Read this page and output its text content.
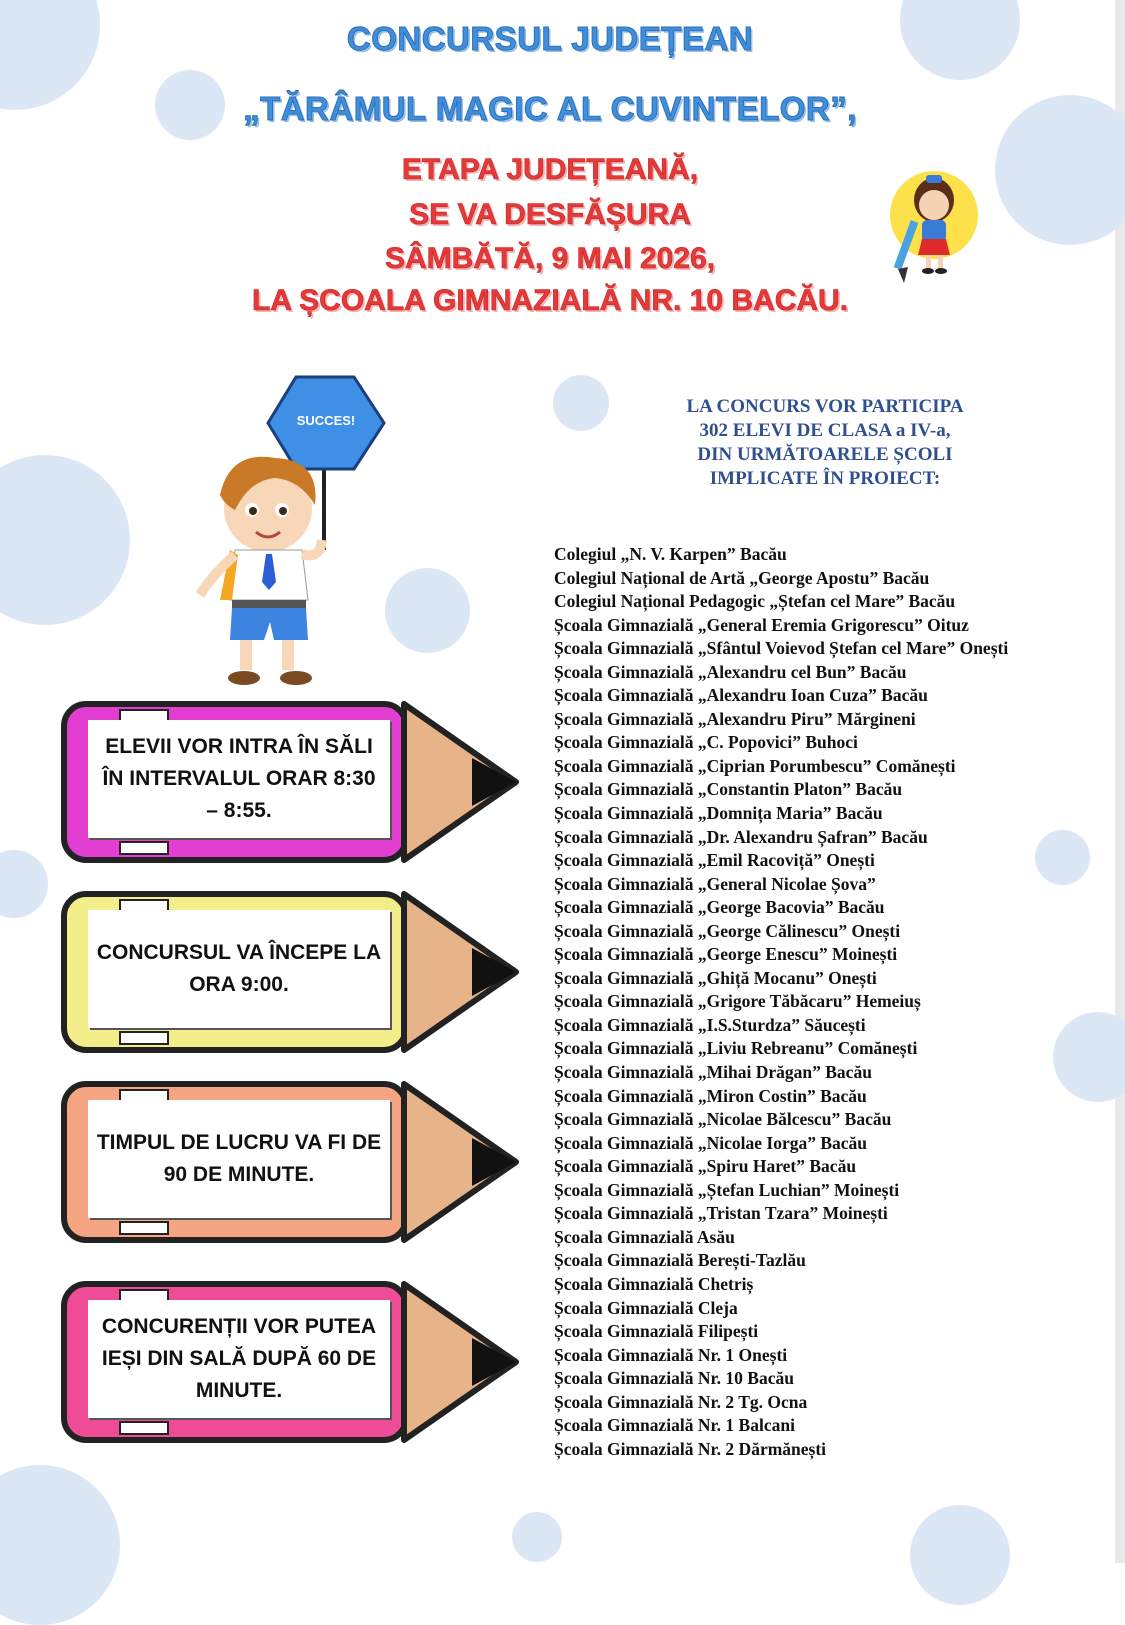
CONCURSUL JUDEȚEAN
„TĂRÂMUL MAGIC AL CUVINTELOR”,
ETAPA JUDEȚEANĂ,
SE VA DESFĂȘURA
SÂMBĂTĂ, 9 MAI 2026,
LA ȘCOALA GIMNAZIALĂ NR. 10 BACĂU.
SUCCES!
ELEVII VOR INTRA ÎN SĂLI ÎN INTERVALUL ORAR 8:30 – 8:55.
CONCURSUL VA ÎNCEPE LA ORA 9:00.
TIMPUL DE LUCRU VA FI DE 90 DE MINUTE.
CONCURENȚII VOR PUTEA IEȘI DIN SALĂ DUPĂ 60 DE MINUTE.
LA CONCURS VOR PARTICIPA
302 ELEVI DE CLASA a IV-a,
DIN URMĂTOARELE ȘCOLI
IMPLICATE ÎN PROIECT:
Colegiul „N. V. Karpen” Bacău
Colegiul Național de Artă „George Apostu” Bacău
Colegiul Național Pedagogic „Ștefan cel Mare” Bacău
Școala Gimnazială „General Eremia Grigorescu” Oituz
Școala Gimnazială „Sfântul Voievod Ștefan cel Mare” Onești
Școala Gimnazială „Alexandru cel Bun” Bacău
Școala Gimnazială „Alexandru Ioan Cuza” Bacău
Școala Gimnazială „Alexandru Piru” Mărgineni
Școala Gimnazială „C. Popovici” Buhoci
Școala Gimnazială „Ciprian Porumbescu” Comănești
Școala Gimnazială „Constantin Platon” Bacău
Școala Gimnazială „Domnița Maria” Bacău
Școala Gimnazială „Dr. Alexandru Șafran” Bacău
Școala Gimnazială „Emil Racoviță” Onești
Școala Gimnazială „General Nicolae Șova”
Școala Gimnazială „George Bacovia” Bacău
Școala Gimnazială „George Călinescu” Onești
Școala Gimnazială „George Enescu” Moinești
Școala Gimnazială „Ghiță Mocanu” Onești
Școala Gimnazială „Grigore Tăbăcaru” Hemeiuș
Școala Gimnazială „I.S.Sturdza” Săucești
Școala Gimnazială „Liviu Rebreanu” Comănești
Școala Gimnazială „Mihai Drăgan” Bacău
Școala Gimnazială „Miron Costin” Bacău
Școala Gimnazială „Nicolae Bălcescu” Bacău
Școala Gimnazială „Nicolae Iorga” Bacău
Școala Gimnazială „Spiru Haret” Bacău
Școala Gimnazială „Ștefan Luchian” Moinești
Școala Gimnazială „Tristan Tzara” Moinești
Școala Gimnazială Asău
Școala Gimnazială Berești-Tazlău
Școala Gimnazială Chetriș
Școala Gimnazială Cleja
Școala Gimnazială Filipești
Școala Gimnazială Nr. 1 Onești
Școala Gimnazială Nr. 10 Bacău
Școala Gimnazială Nr. 2 Tg. Ocna
Școala Gimnazială Nr. 1 Balcani
Școala Gimnazială Nr. 2 Dărmănești
